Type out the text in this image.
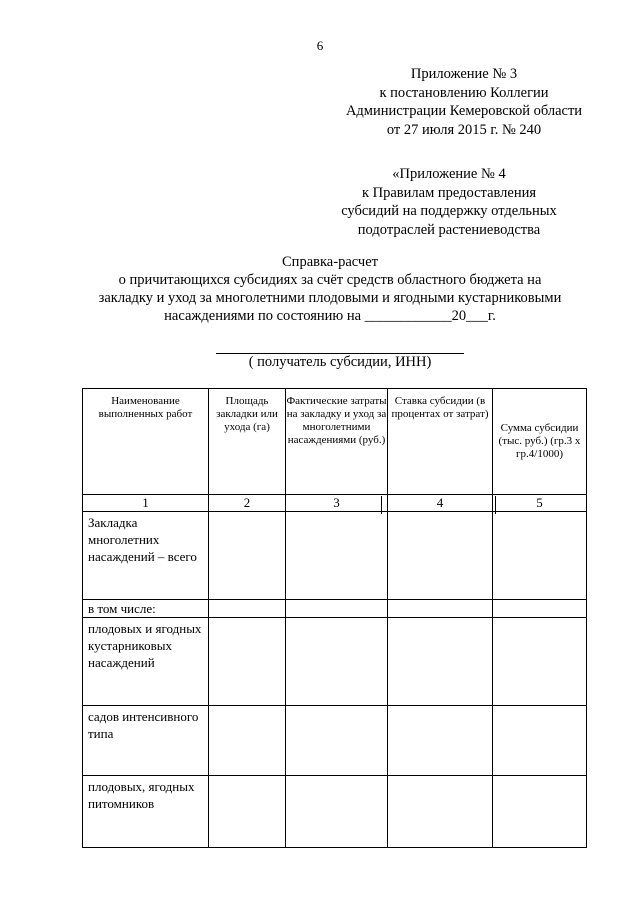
6
Приложение № 3
к постановлению Коллегии
Администрации Кемеровской области
от 27 июля 2015 г. № 240
«Приложение № 4
к Правилам предоставления
субсидий на поддержку отдельных
подотраслей растениеводства
Справка-расчет
о причитающихся субсидиях за счёт средств областного бюджета на
закладку и уход за многолетними плодовыми и ягодными кустарниковыми
насаждениями по состоянию на ____________20___г.
( получатель субсидии, ИНН)
Наименование выполненных работ	Площадь закладки или ухода (га)	Фактические затраты на закладку и уход за многолетними насаждениями (руб.)	Ставка субсидии (в процентах от затрат)	Сумма субсидии (тыс. руб.) (гр.3 х гр.4/1000)
1	2	3	4	5
Закладка многолетних насаждений – всего				
в том числе:				
плодовых и ягодных кустарниковых насаждений				
садов интенсивного типа				
плодовых, ягодных питомников				
